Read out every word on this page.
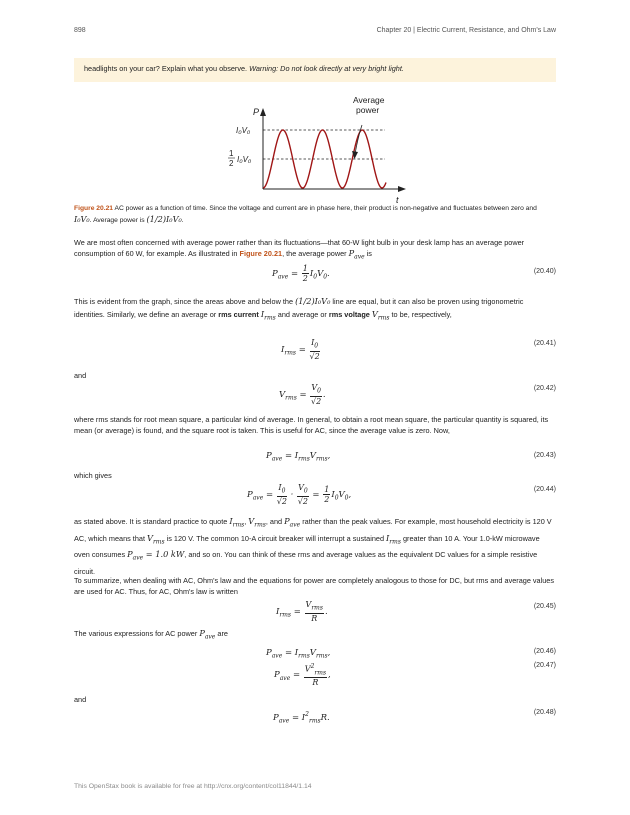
898	Chapter 20 | Electric Current, Resistance, and Ohm's Law
headlights on your car? Explain what you observe. Warning: Do not look directly at very bright light.
P
t
I₀V₀
1
2 I₀V₀
Average
power
Figure 20.21 AC power as a function of time. Since the voltage and current are in phase here, their product is non-negative and fluctuates between zero and I₀V₀. Average power is (1/2)I₀V₀.
We are most often concerned with average power rather than its fluctuations—that 60-W light bulb in your desk lamp has an average power consumption of 60 W, for example. As illustrated in Figure 20.21, the average power $P_{ave}$ is
$P_{ave} = \frac{1}{2} I_0V_0$.	(20.40)
This is evident from the graph, since the areas above and below the (1/2)I₀V₀ line are equal, but it can also be proven using trigonometric identities. Similarly, we define an average or rms current $I_{rms}$ and average or rms voltage $V_{rms}$ to be, respectively,
$I_{rms} = \frac{I_0}{√2}$	(20.41)
and
$V_{rms} = \frac{V_0}{√2}$ .
(20.42)
where rms stands for root mean square, a particular kind of average. In general, to obtain a root mean square, the particular quantity is squared, its mean (or average) is found, and the square root is taken. This is useful for AC, since the average value is zero. Now,
$P_{ave} = I_{rms}V_{rms}$,	(20.43)
which gives
$P_{ave} = \frac{I_0}{√2} \cdot \frac{V_0}{√2} = \frac{1}{2} I_0V_0$,
(20.44)
as stated above. It is standard practice to quote $I_{rms}$, $V_{rms}$, and $P_{ave}$ rather than the peak values. For example, most household electricity is 120 V AC, which means that $V_{rms}$ is 120 V. The common 10-A circuit breaker will interrupt a sustained $I_{rms}$ greater than 10 A. Your 1.0-kW microwave oven consumes $P_{ave} = 1.0$ kW, and so on. You can think of these rms and average values as the equivalent DC values for a simple resistive circuit.
To summarize, when dealing with AC, Ohm's law and the equations for power are completely analogous to those for DC, but rms and average values are used for AC. Thus, for AC, Ohm's law is written
$I_{rms} = \frac{V_{rms}}{R}$ .
(20.45)
The various expressions for AC power $P_{ave}$ are
$P_{ave} = I_{rms}V_{rms}$,	(20.46)
$P_{ave} = \frac{V^2_{rms}}{R}$ ,
(20.47)
and
$P_{ave} = I^2_{rms}R$.
(20.48)
This OpenStax book is available for free at http://cnx.org/content/col11844/1.14
